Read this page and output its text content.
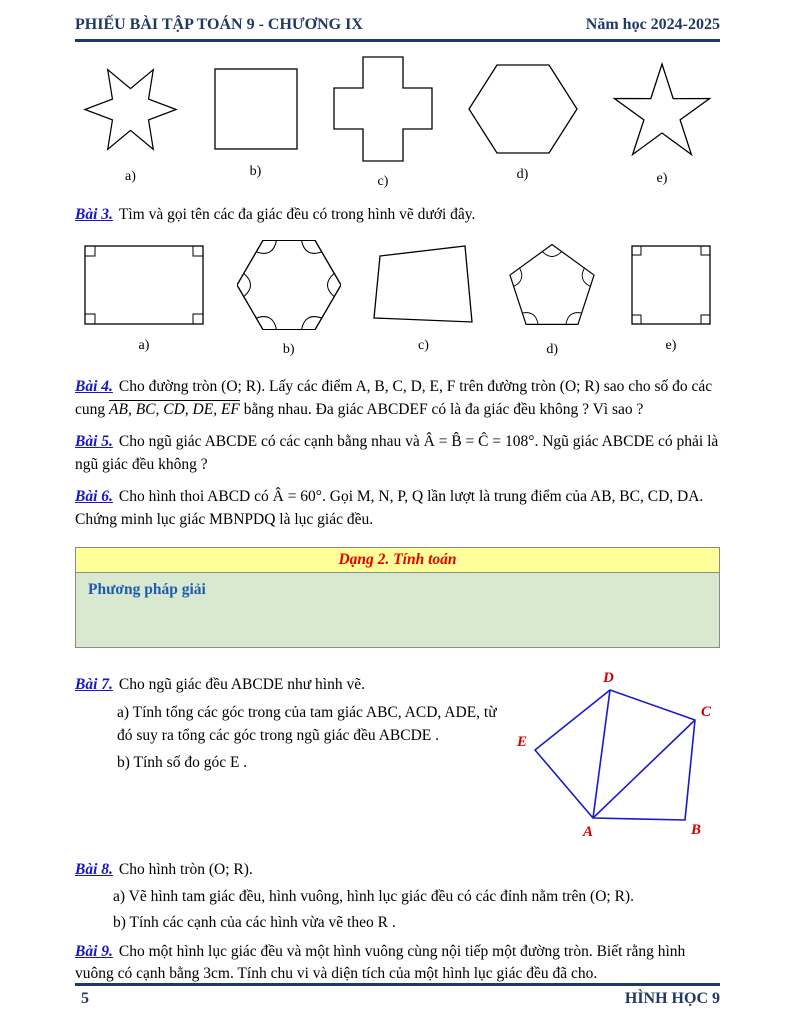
PHIẾU BÀI TẬP TOÁN 9 - CHƯƠNG IX	Năm học 2024-2025
a)	b)
c)	d)	e)

Bài 3. Tìm và gọi tên các đa giác đều có trong hình vẽ dưới đây.

a)	b)	c)	d)	e)

Bài 4. Cho đường tròn (O; R). Lấy các điểm A, B, C, D, E, F trên đường tròn (O; R) sao cho số đo các cung AB, BC, CD, DE, EF bằng nhau. Đa giác ABCDEF có là đa giác đều không ? Vì sao ?

Bài 5. Cho ngũ giác ABCDE có các cạnh bằng nhau và Â = B̂ = Ĉ = 108°. Ngũ giác ABCDE có phải là ngũ giác đều không ?

Bài 6. Cho hình thoi ABCD có Â = 60°. Gọi M, N, P, Q lần lượt là trung điểm của AB, BC, CD, DA. Chứng minh lục giác MBNPDQ là lục giác đều.

Dạng 2. Tính toán
Phương pháp giải

Bài 7. Cho ngũ giác đều ABCDE như hình vẽ.

a) Tính tổng các góc trong của tam giác ABC, ACD, ADE, từ đó suy ra tổng các góc trong ngũ giác đều ABCDE .

b) Tính số đo góc E .

D
C
E
A	B

Bài 8. Cho hình tròn (O; R).

a) Vẽ hình tam giác đều, hình vuông, hình lục giác đều có các đỉnh nằm trên (O; R).

b) Tính các cạnh của các hình vừa vẽ theo R .

Bài 9. Cho một hình lục giác đều và một hình vuông cùng nội tiếp một đường tròn. Biết rằng hình vuông có cạnh bằng 3cm. Tính chu vi và diện tích của một hình lục giác đều đã cho.

5	HÌNH HỌC 9
